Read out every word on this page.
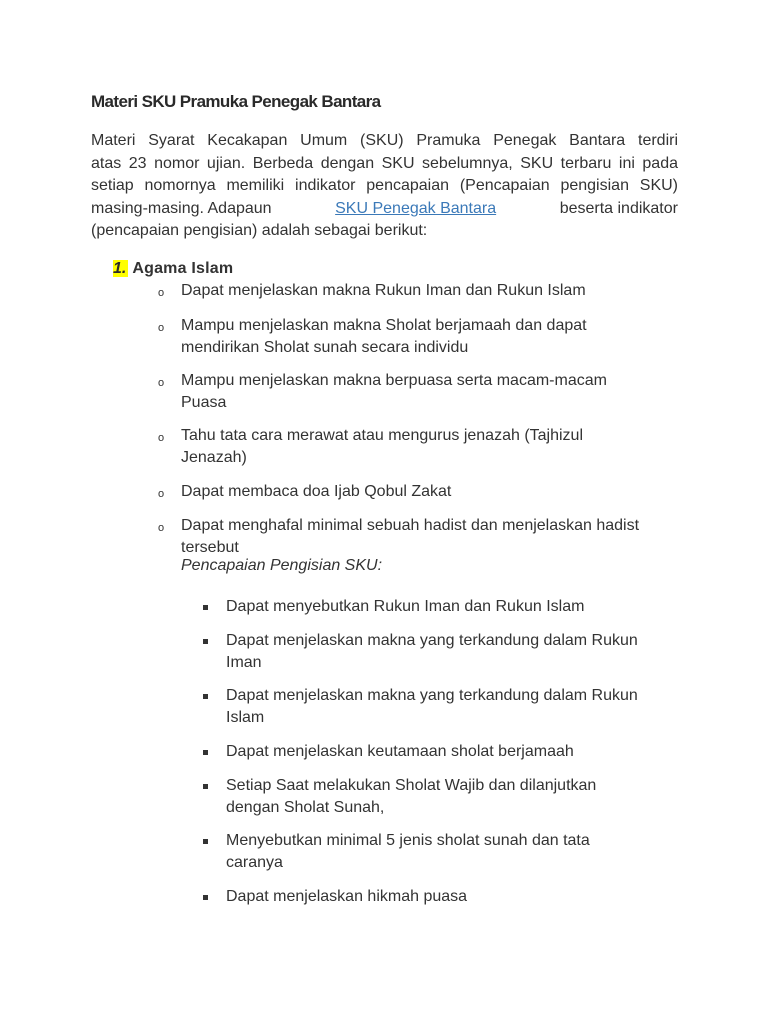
Materi SKU Pramuka Penegak Bantara
Materi Syarat Kecakapan Umum (SKU) Pramuka Penegak Bantara terdiri
atas 23 nomor ujian. Berbeda dengan SKU sebelumnya, SKU terbaru ini pada
setiap nomornya memiliki indikator pencapaian (Pencapaian pengisian SKU)
masing-masing. Adapaun	SKU Penegak Bantara	beserta indikator
(pencapaian pengisian) adalah sebagai berikut:
1. Agama Islam
o Dapat menjelaskan makna Rukun Iman dan Rukun Islam
o Mampu menjelaskan makna Sholat berjamaah dan dapat
mendirikan Sholat sunah secara individu
o Mampu menjelaskan makna berpuasa serta macam-macam
Puasa
o Tahu tata cara merawat atau mengurus jenazah (Tajhizul
Jenazah)
o Dapat membaca doa Ijab Qobul Zakat
o Dapat menghafal minimal sebuah hadist dan menjelaskan hadist
tersebut
Pencapaian Pengisian SKU:
Dapat menyebutkan Rukun Iman dan Rukun Islam
Dapat menjelaskan makna yang terkandung dalam Rukun
Iman
Dapat menjelaskan makna yang terkandung dalam Rukun
Islam
Dapat menjelaskan keutamaan sholat berjamaah
Setiap Saat melakukan Sholat Wajib dan dilanjutkan
dengan Sholat Sunah,
Menyebutkan minimal 5 jenis sholat sunah dan tata
caranya
Dapat menjelaskan hikmah puasa
